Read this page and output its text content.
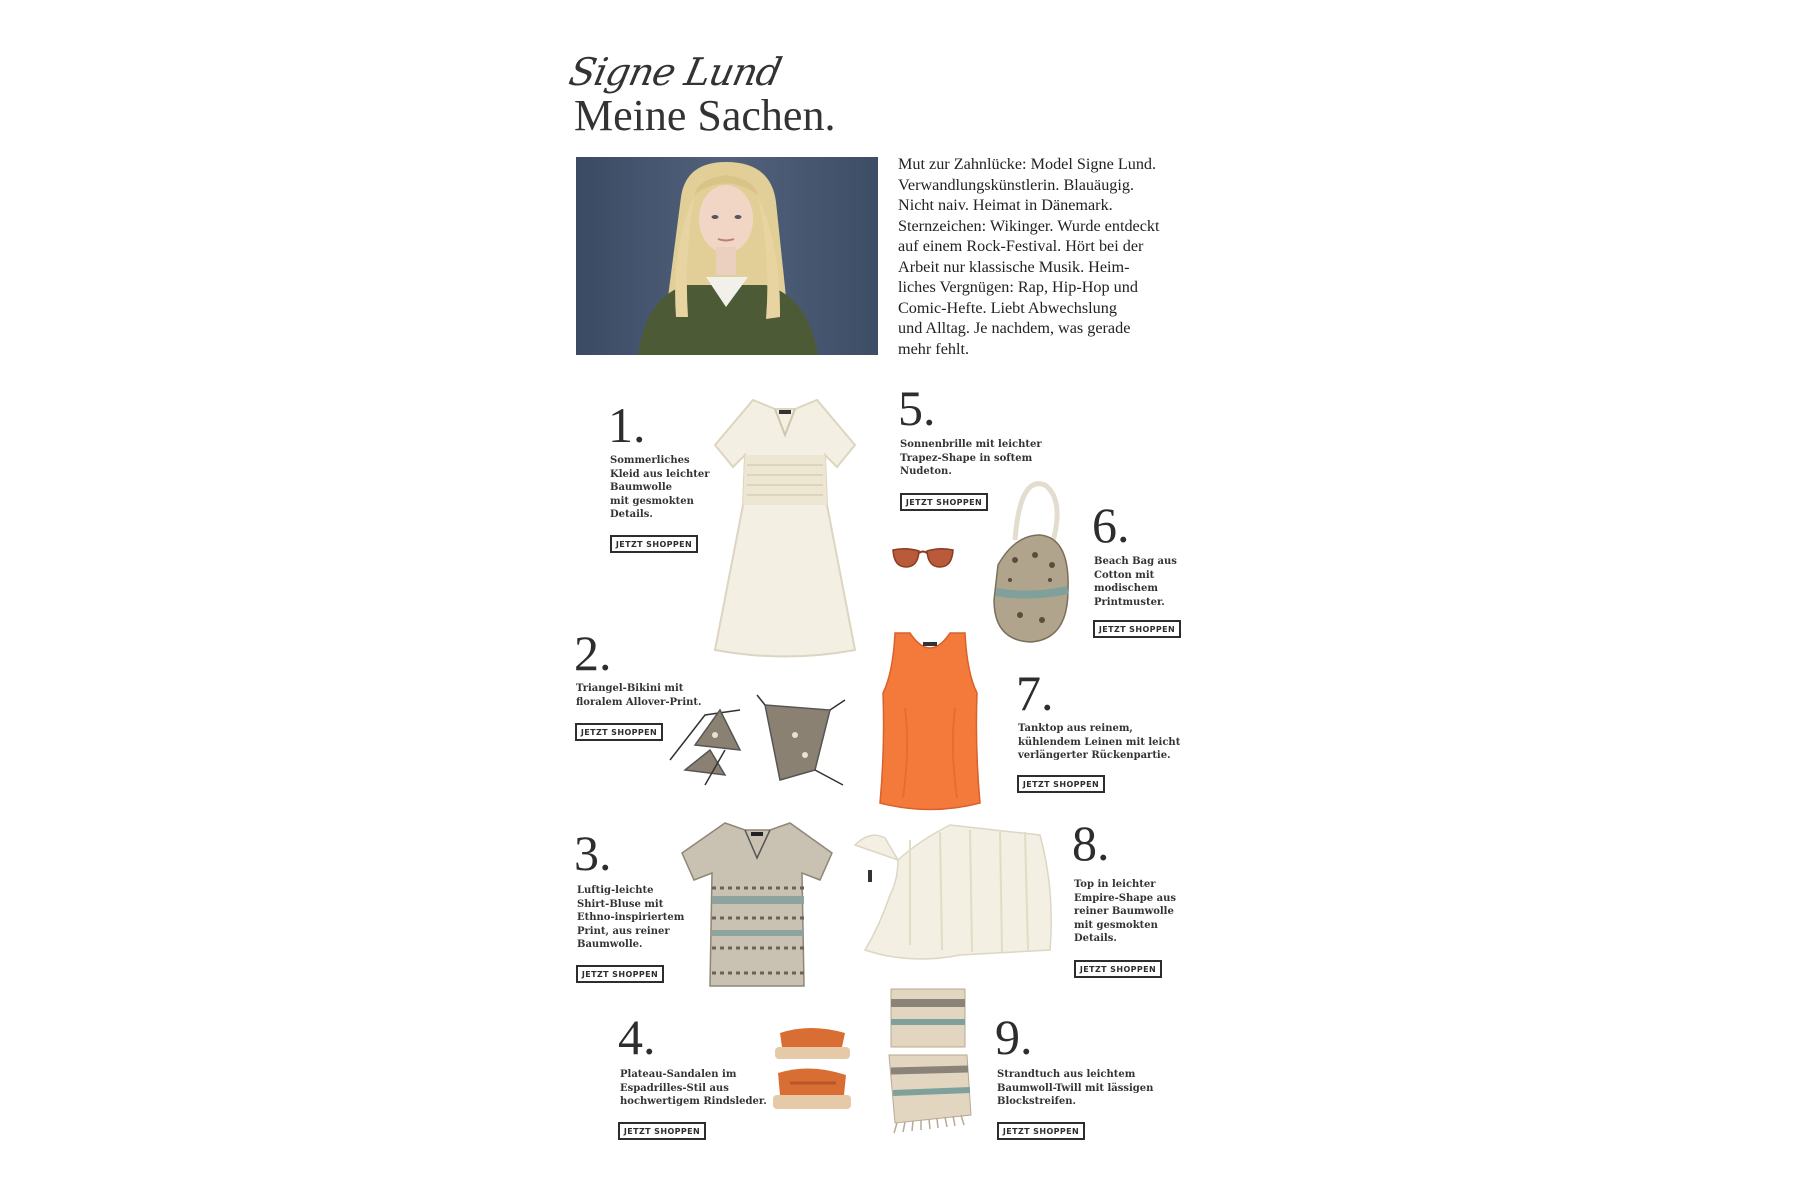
Signe Lund
Meine Sachen.
Mut zur Zahnlücke: Model Signe Lund.
Verwandlungskünstlerin. Blauäugig.
Nicht naiv. Heimat in Dänemark.
Sternzeichen: Wikinger. Wurde entdeckt
auf einem Rock-Festival. Hört bei der
Arbeit nur klassische Musik. Heim-
liches Vergnügen: Rap, Hip-Hop und
Comic-Hefte. Liebt Abwechslung
und Alltag. Je nachdem, was gerade
mehr fehlt.
1.
Sommerliches
Kleid aus leichter
Baumwolle
mit gesmokten
Details.
JETZT SHOPPEN
2.
Triangel-Bikini mit
floralem Allover-Print.
JETZT SHOPPEN
3.
Luftig-leichte
Shirt-Bluse mit
Ethno-inspiriertem
Print, aus reiner
Baumwolle.
JETZT SHOPPEN
4.
Plateau-Sandalen im
Espadrilles-Stil aus
hochwertigem Rindsleder.
JETZT SHOPPEN
5.
Sonnenbrille mit leichter
Trapez-Shape in softem
Nudeton.
JETZT SHOPPEN 6.
Beach Bag aus
Cotton mit
modischem
Printmuster.
JETZT SHOPPEN
7.
Tanktop aus reinem,
kühlendem Leinen mit leicht
verlängerter Rückenpartie.
JETZT SHOPPEN
8.
Top in leichter
Empire-Shape aus
reiner Baumwolle
mit gesmokten
Details.
JETZT SHOPPEN
9.
Strandtuch aus leichtem
Baumwoll-Twill mit lässigen
Blockstreifen.
JETZT SHOPPEN
